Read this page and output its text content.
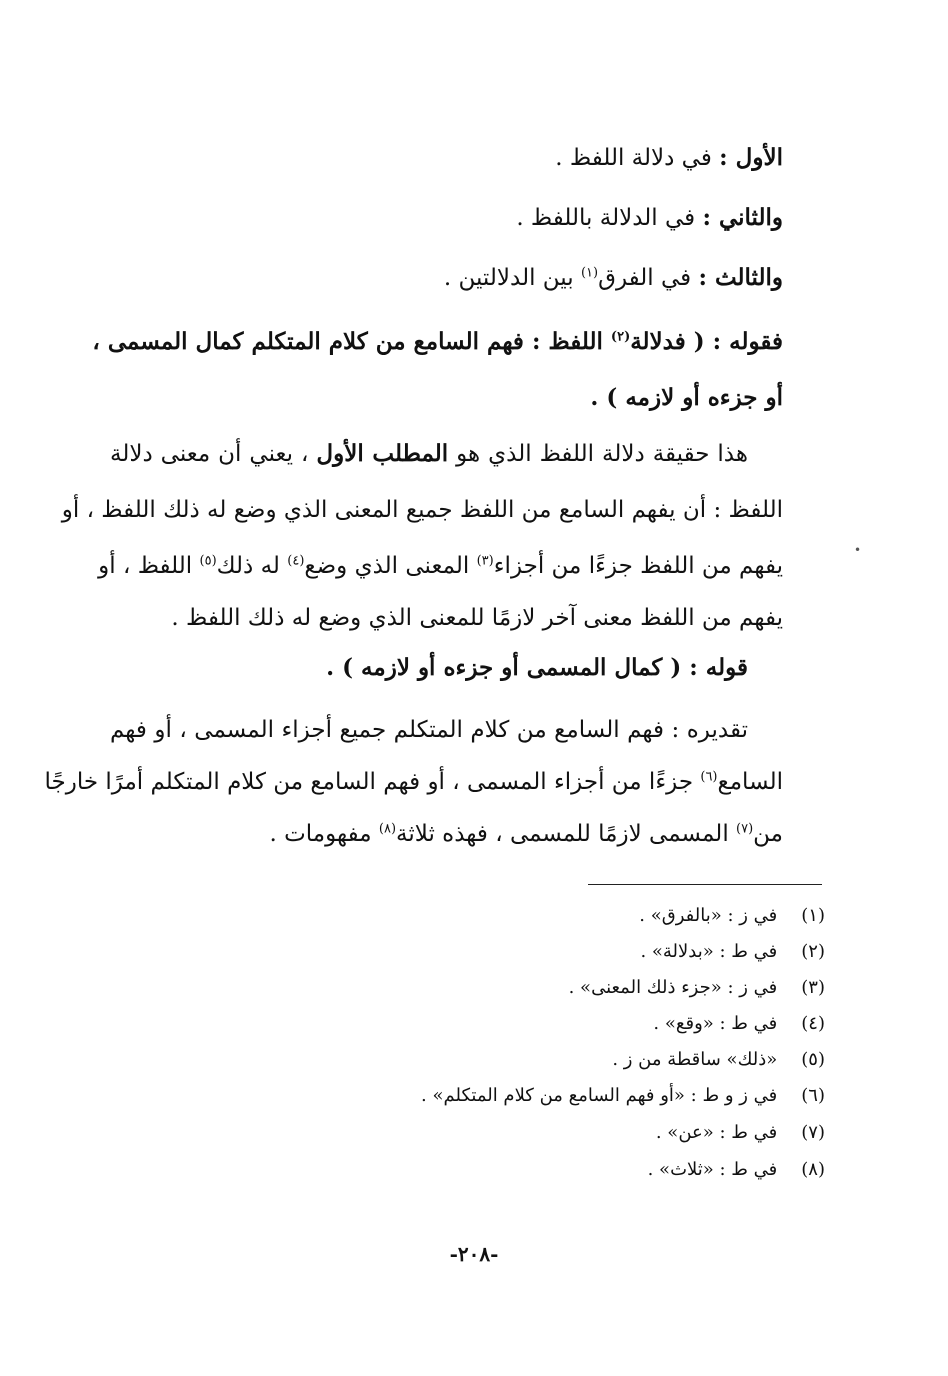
الأول : في دلالة اللفظ .
والثاني : في الدلالة باللفظ .
والثالث : في الفرق$^{(١)}$ بين الدلالتين .
فقوله : ( فدلالة$^{(٢)}$ اللفظ : فهم السامع من كلام المتكلم كمال المسمى ،
أو جزءه أو لازمه ) .
هذا حقيقة دلالة اللفظ الذي هو المطلب الأول ، يعني أن معنى دلالة
اللفظ : أن يفهم السامع من اللفظ جميع المعنى الذي وضع له ذلك اللفظ ، أو
يفهم من اللفظ جزءًا من أجزاء$^{(٣)}$ المعنى الذي وضع$^{(٤)}$ له ذلك$^{(٥)}$ اللفظ ، أو
يفهم من اللفظ معنى آخر لازمًا للمعنى الذي وضع له ذلك اللفظ .
قوله : ( كمال المسمى أو جزءه أو لازمه ) .
تقديره : فهم السامع من كلام المتكلم جميع أجزاء المسمى ، أو فهم
السامع$^{(٦)}$ جزءًا من أجزاء المسمى ، أو فهم السامع من كلام المتكلم أمرًا خارجًا
من$^{(٧)}$ المسمى لازمًا للمسمى ، فهذه ثلاثة$^{(٨)}$ مفهومات .
•
(١) في ز : «بالفرق» .
(٢) في ط : «بدلالة» .
(٣) في ز : «جزء ذلك المعنى» .
(٤) في ط : «وقع» .
(٥) «ذلك» ساقطة من ز .
(٦) في ز و ط : «أو فهم السامع من كلام المتكلم» .
(٧) في ط : «عن» .
(٨) في ط : «ثلاث» .
-٢٠٨-
